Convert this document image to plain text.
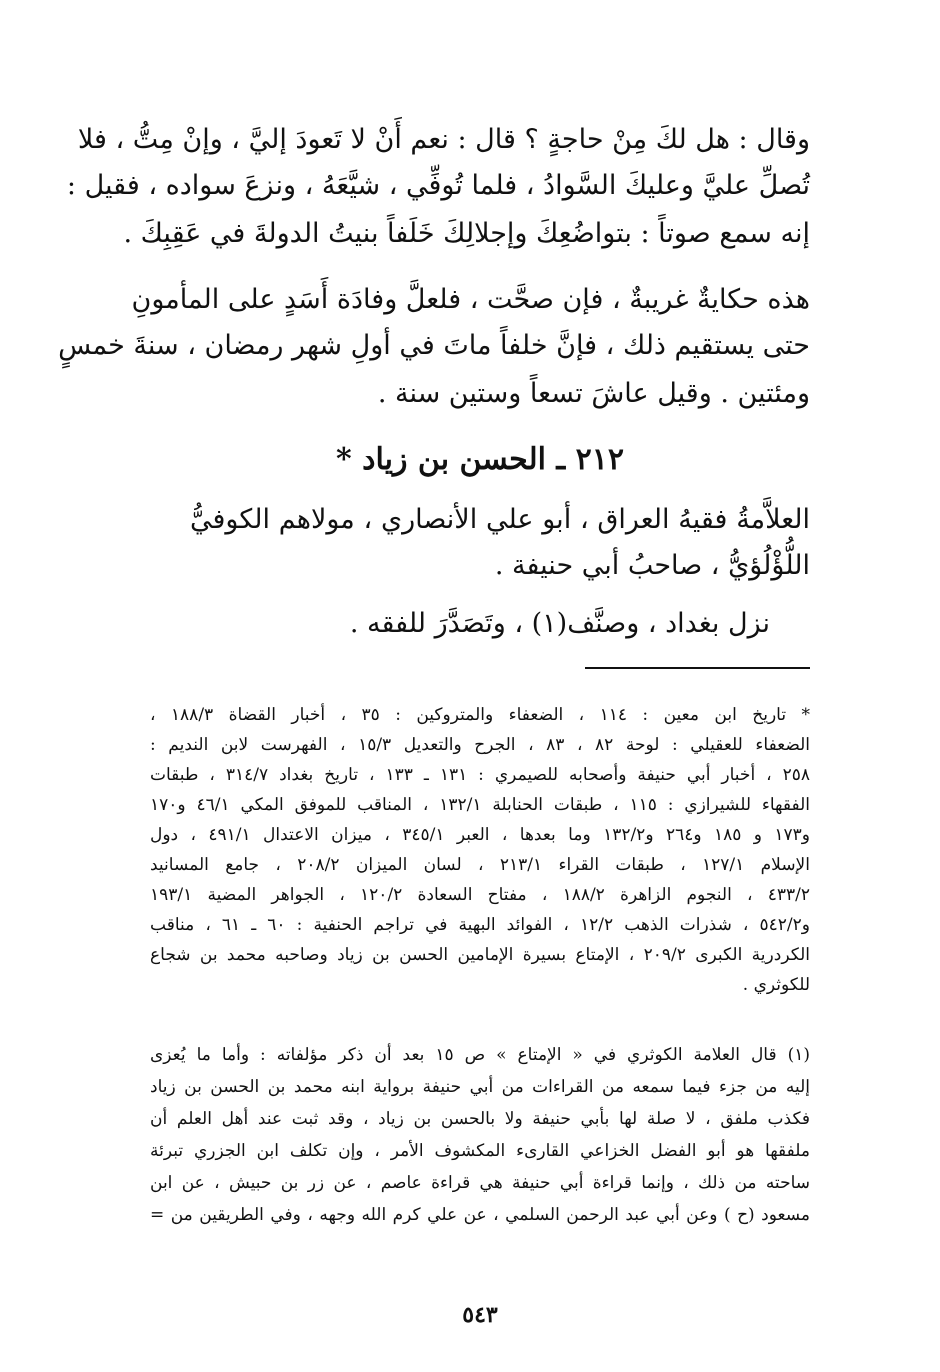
وقال : هل لكَ مِنْ حاجةٍ ؟ قال : نعم أَنْ لا تَعودَ إليَّ ، وإنْ مِتُّ ، فلا
تُصلِّ عليَّ وعليكَ السَّوادُ ، فلما تُوفِّي ، شيَّعَهُ ، ونزعَ سواده ، فقيل :
إنه سمع صوتاً : بتواضُعِكَ وإجلالِكَ خَلَفاً بنيتُ الدولةَ في عَقِبِكَ .
هذه حكايةٌ غريبةٌ ، فإن صحَّت ، فلعلَّ وفادَة أَسَدٍ على المأمونِ
حتى يستقيم ذلك ، فإنَّ خلفاً ماتَ في أولِ شهر رمضان ، سنةَ خمسٍ
ومئتين . وقيل عاشَ تسعاً وستين سنة .
٢١٢ ـ الحسن بن زياد *
العلاَّمةُ فقيهُ العراق ، أبو علي الأنصاري ، مولاهم الكوفيُّ
اللُّؤْلُؤيُّ ، صاحبُ أبي حنيفة .
نزل بغداد ، وصنَّف(١) ، وتَصَدَّرَ للفقه .
* تاريخ ابن معين : ١١٤ ، الضعفاء والمتروكين : ٣٥ ، أخبار القضاة ١٨٨/٣ ،
الضعفاء للعقيلي : لوحة ٨٢ ، ٨٣ ، الجرح والتعديل ١٥/٣ ، الفهرست لابن النديم :
٢٥٨ ، أخبار أبي حنيفة وأصحابه للصيمري : ١٣١ ـ ١٣٣ ، تاريخ بغداد ٣١٤/٧ ، طبقات
الفقهاء للشيرازي : ١١٥ ، طبقات الحنابلة ١٣٢/١ ، المناقب للموفق المكي ٤٦/١ و١٧٠
و١٧٣ و ١٨٥ و٢٦٤ و١٣٢/٢ وما بعدها ، العبر ٣٤٥/١ ، ميزان الاعتدال ٤٩١/١ ، دول
الإسلام ١٢٧/١ ، طبقات القراء ٢١٣/١ ، لسان الميزان ٢٠٨/٢ ، جامع المسانيد
٤٣٣/٢ ، النجوم الزاهرة ١٨٨/٢ ، مفتاح السعادة ١٢٠/٢ ، الجواهر المضية ١٩٣/١
و٥٤٢/٢ ، شذرات الذهب ١٢/٢ ، الفوائد البهية في تراجم الحنفية : ٦٠ ـ ٦١ ، مناقب
الكردرية الكبرى ٢٠٩/٢ ، الإمتاع بسيرة الإمامين الحسن بن زياد وصاحبه محمد بن شجاع
للكوثري .
(١) قال العلامة الكوثري في « الإمتاع » ص ١٥ بعد أن ذكر مؤلفاته : وأما ما يُعزى
إليه من جزء فيما سمعه من القراءات من أبي حنيفة برواية ابنه محمد بن الحسن بن زياد
فكذب ملفق ، لا صلة لها بأبي حنيفة ولا بالحسن بن زياد ، وقد ثبت عند أهل العلم أن
ملفقها هو أبو الفضل الخزاعي القارىء المكشوف الأمر ، وإن تكلف ابن الجزري تبرئة
ساحته من ذلك ، وإنما قراءة أبي حنيفة هي قراءة عاصم ، عن زر بن حبيش ، عن ابن
مسعود (ح ) وعن أبي عبد الرحمن السلمي ، عن علي كرم الله وجهه ، وفي الطريقين من =
٥٤٣
